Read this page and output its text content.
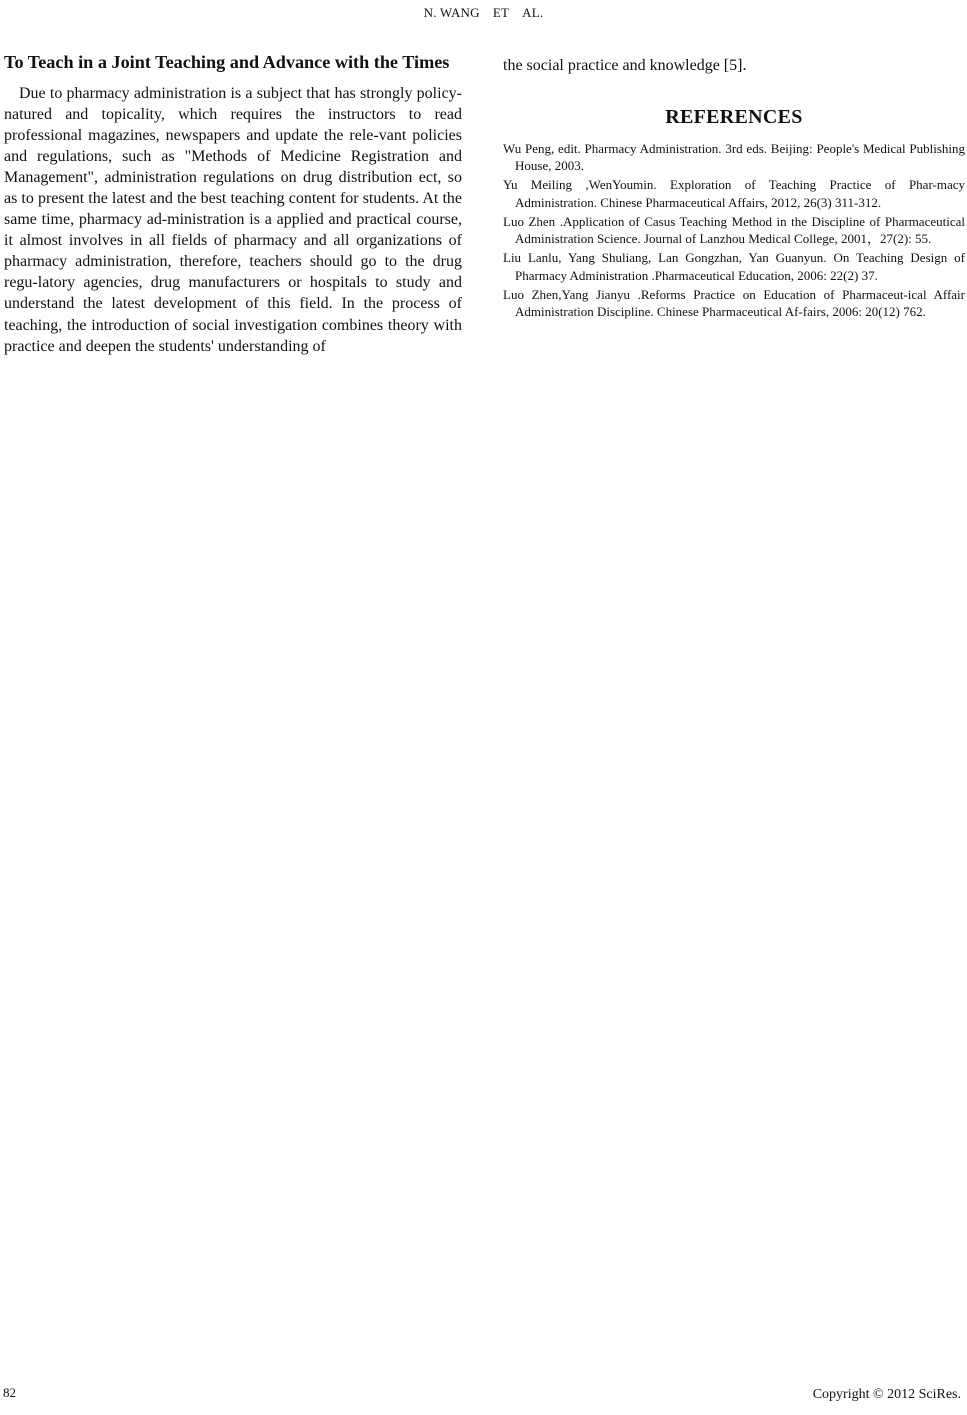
N. WANG　ET　AL.
To Teach in a Joint Teaching and Advance with the Times

Due to pharmacy administration is a subject that has strongly policy-natured and topicality, which requires the instructors to read professional magazines, newspapers and update the rele-vant policies and regulations, such as "Methods of Medicine Registration and Management", administration regulations on drug distribution ect, so as to present the latest and the best teaching content for students. At the same time, pharmacy ad-ministration is a applied and practical course, it almost involves in all fields of pharmacy and all organizations of pharmacy administration, therefore, teachers should go to the drug regu-latory agencies, drug manufacturers or hospitals to study and understand the latest development of this field. In the process of teaching, the introduction of social investigation combines theory with practice and deepen the students' understanding of

the social practice and knowledge [5].

REFERENCES
Wu Peng, edit. Pharmacy Administration. 3rd eds. Beijing: People's Medical Publishing House, 2003.
Yu Meiling ,WenYoumin. Exploration of Teaching Practice of Phar-macy Administration. Chinese Pharmaceutical Affairs, 2012, 26(3) 311-312.
Luo Zhen .Application of Casus Teaching Method in the Discipline of Pharmaceutical Administration Science. Journal of Lanzhou Medical College, 2001，27(2): 55.
Liu Lanlu, Yang Shuliang, Lan Gongzhan, Yan Guanyun. On Teaching Design of Pharmacy Administration .Pharmaceutical Education, 2006: 22(2) 37.
Luo Zhen,Yang Jianyu .Reforms Practice on Education of Pharmaceut-ical Affair Administration Discipline. Chinese Pharmaceutical Af-fairs, 2006: 20(12) 762.
82	Copyright © 2012 SciRes.
